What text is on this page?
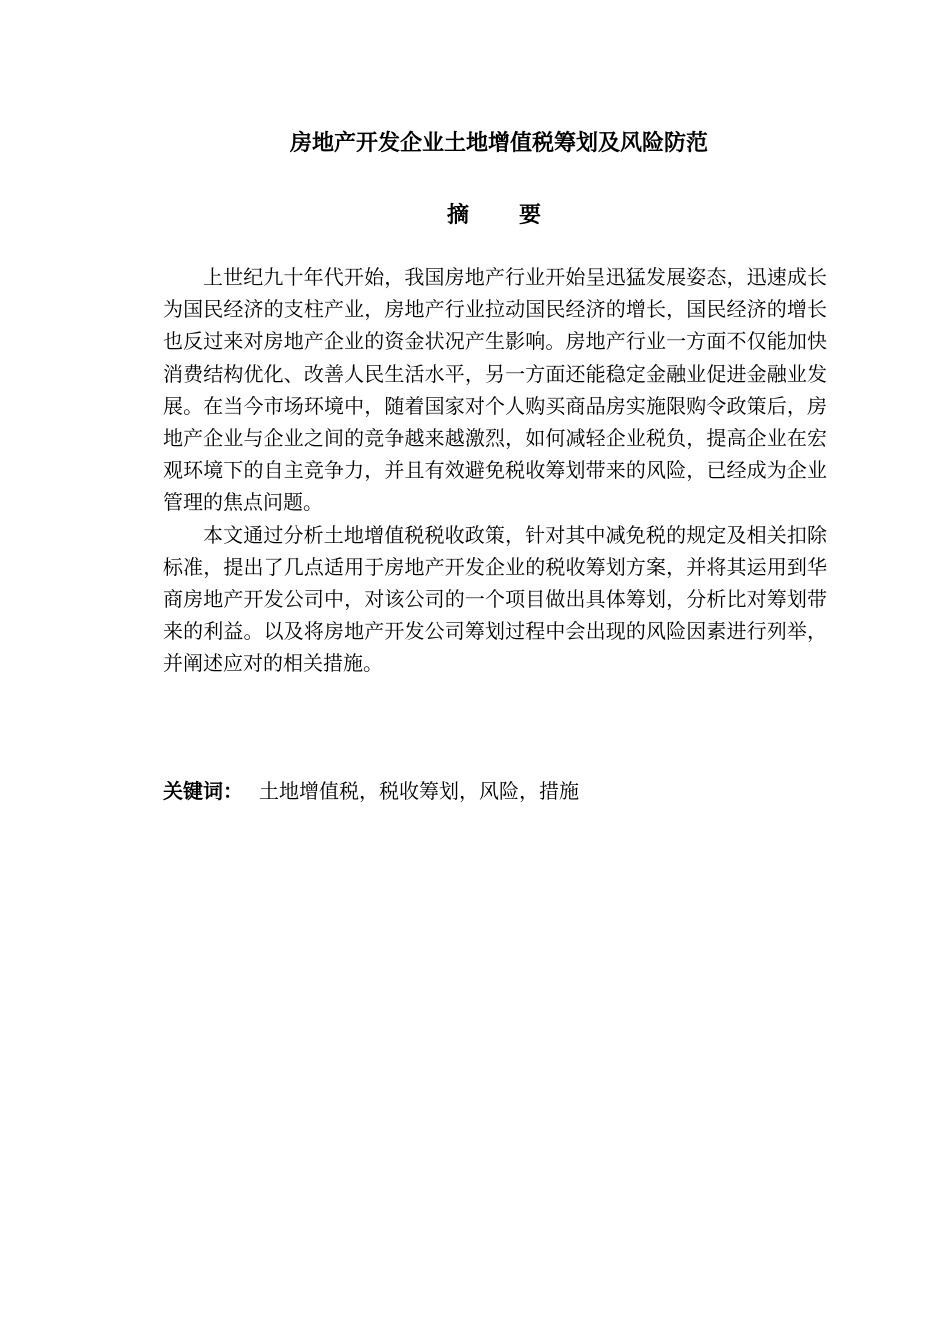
房地产开发企业土地增值税筹划及风险防范
摘 要

上世纪九十年代开始，我国房地产行业开始呈迅猛发展姿态，迅速成长为国民经济的支柱产业，房地产行业拉动国民经济的增长，国民经济的增长也反过来对房地产企业的资金状况产生影响。房地产行业一方面不仅能加快消费结构优化、改善人民生活水平，另一方面还能稳定金融业促进金融业发展。在当今市场环境中，随着国家对个人购买商品房实施限购令政策后，房地产企业与企业之间的竞争越来越激烈，如何减轻企业税负，提高企业在宏观环境下的自主竞争力，并且有效避免税收筹划带来的风险，已经成为企业管理的焦点问题。

本文通过分析土地增值税税收政策，针对其中减免税的规定及相关扣除标准，提出了几点适用于房地产开发企业的税收筹划方案，并将其运用到华商房地产开发公司中，对该公司的一个项目做出具体筹划，分析比对筹划带来的利益。以及将房地产开发公司筹划过程中会出现的风险因素进行列举，并阐述应对的相关措施。

关键词： 土地增值税，税收筹划，风险，措施
